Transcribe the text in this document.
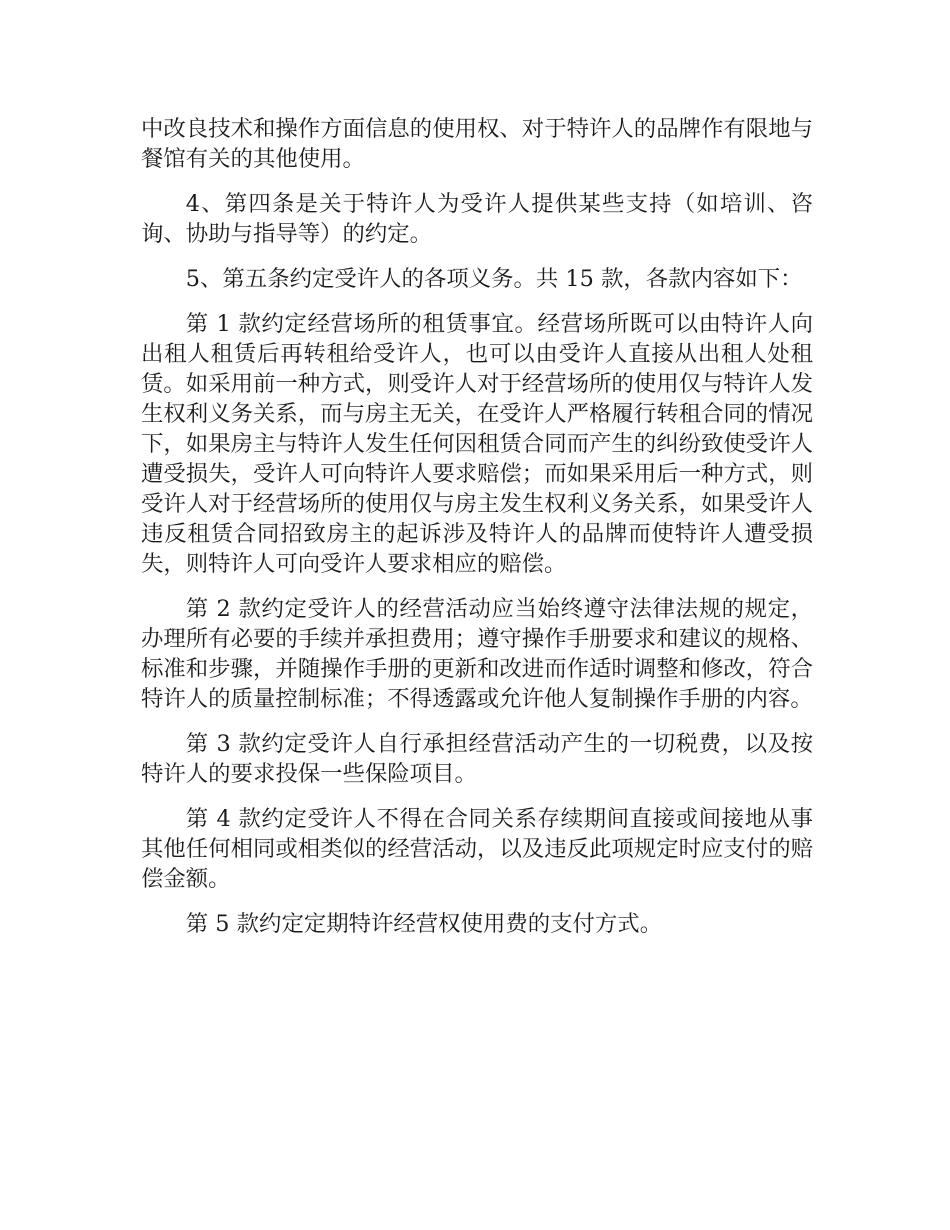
中改良技术和操作方面信息的使用权、对于特许人的品牌作有限地与餐馆有关的其他使用。

4、第四条是关于特许人为受许人提供某些支持（如培训、咨询、协助与指导等）的约定。

5、第五条约定受许人的各项义务。共 15 款，各款内容如下：

第 1 款约定经营场所的租赁事宜。经营场所既可以由特许人向出租人租赁后再转租给受许人，也可以由受许人直接从出租人处租赁。如采用前一种方式，则受许人对于经营场所的使用仅与特许人发生权利义务关系，而与房主无关，在受许人严格履行转租合同的情况下，如果房主与特许人发生任何因租赁合同而产生的纠纷致使受许人遭受损失，受许人可向特许人要求赔偿；而如果采用后一种方式，则受许人对于经营场所的使用仅与房主发生权利义务关系，如果受许人违反租赁合同招致房主的起诉涉及特许人的品牌而使特许人遭受损失，则特许人可向受许人要求相应的赔偿。

第 2 款约定受许人的经营活动应当始终遵守法律法规的规定，办理所有必要的手续并承担费用；遵守操作手册要求和建议的规格、标准和步骤，并随操作手册的更新和改进而作适时调整和修改，符合特许人的质量控制标准；不得透露或允许他人复制操作手册的内容。

第 3 款约定受许人自行承担经营活动产生的一切税费，以及按特许人的要求投保一些保险项目。

第 4 款约定受许人不得在合同关系存续期间直接或间接地从事其他任何相同或相类似的经营活动，以及违反此项规定时应支付的赔偿金额。

第 5 款约定定期特许经营权使用费的支付方式。
